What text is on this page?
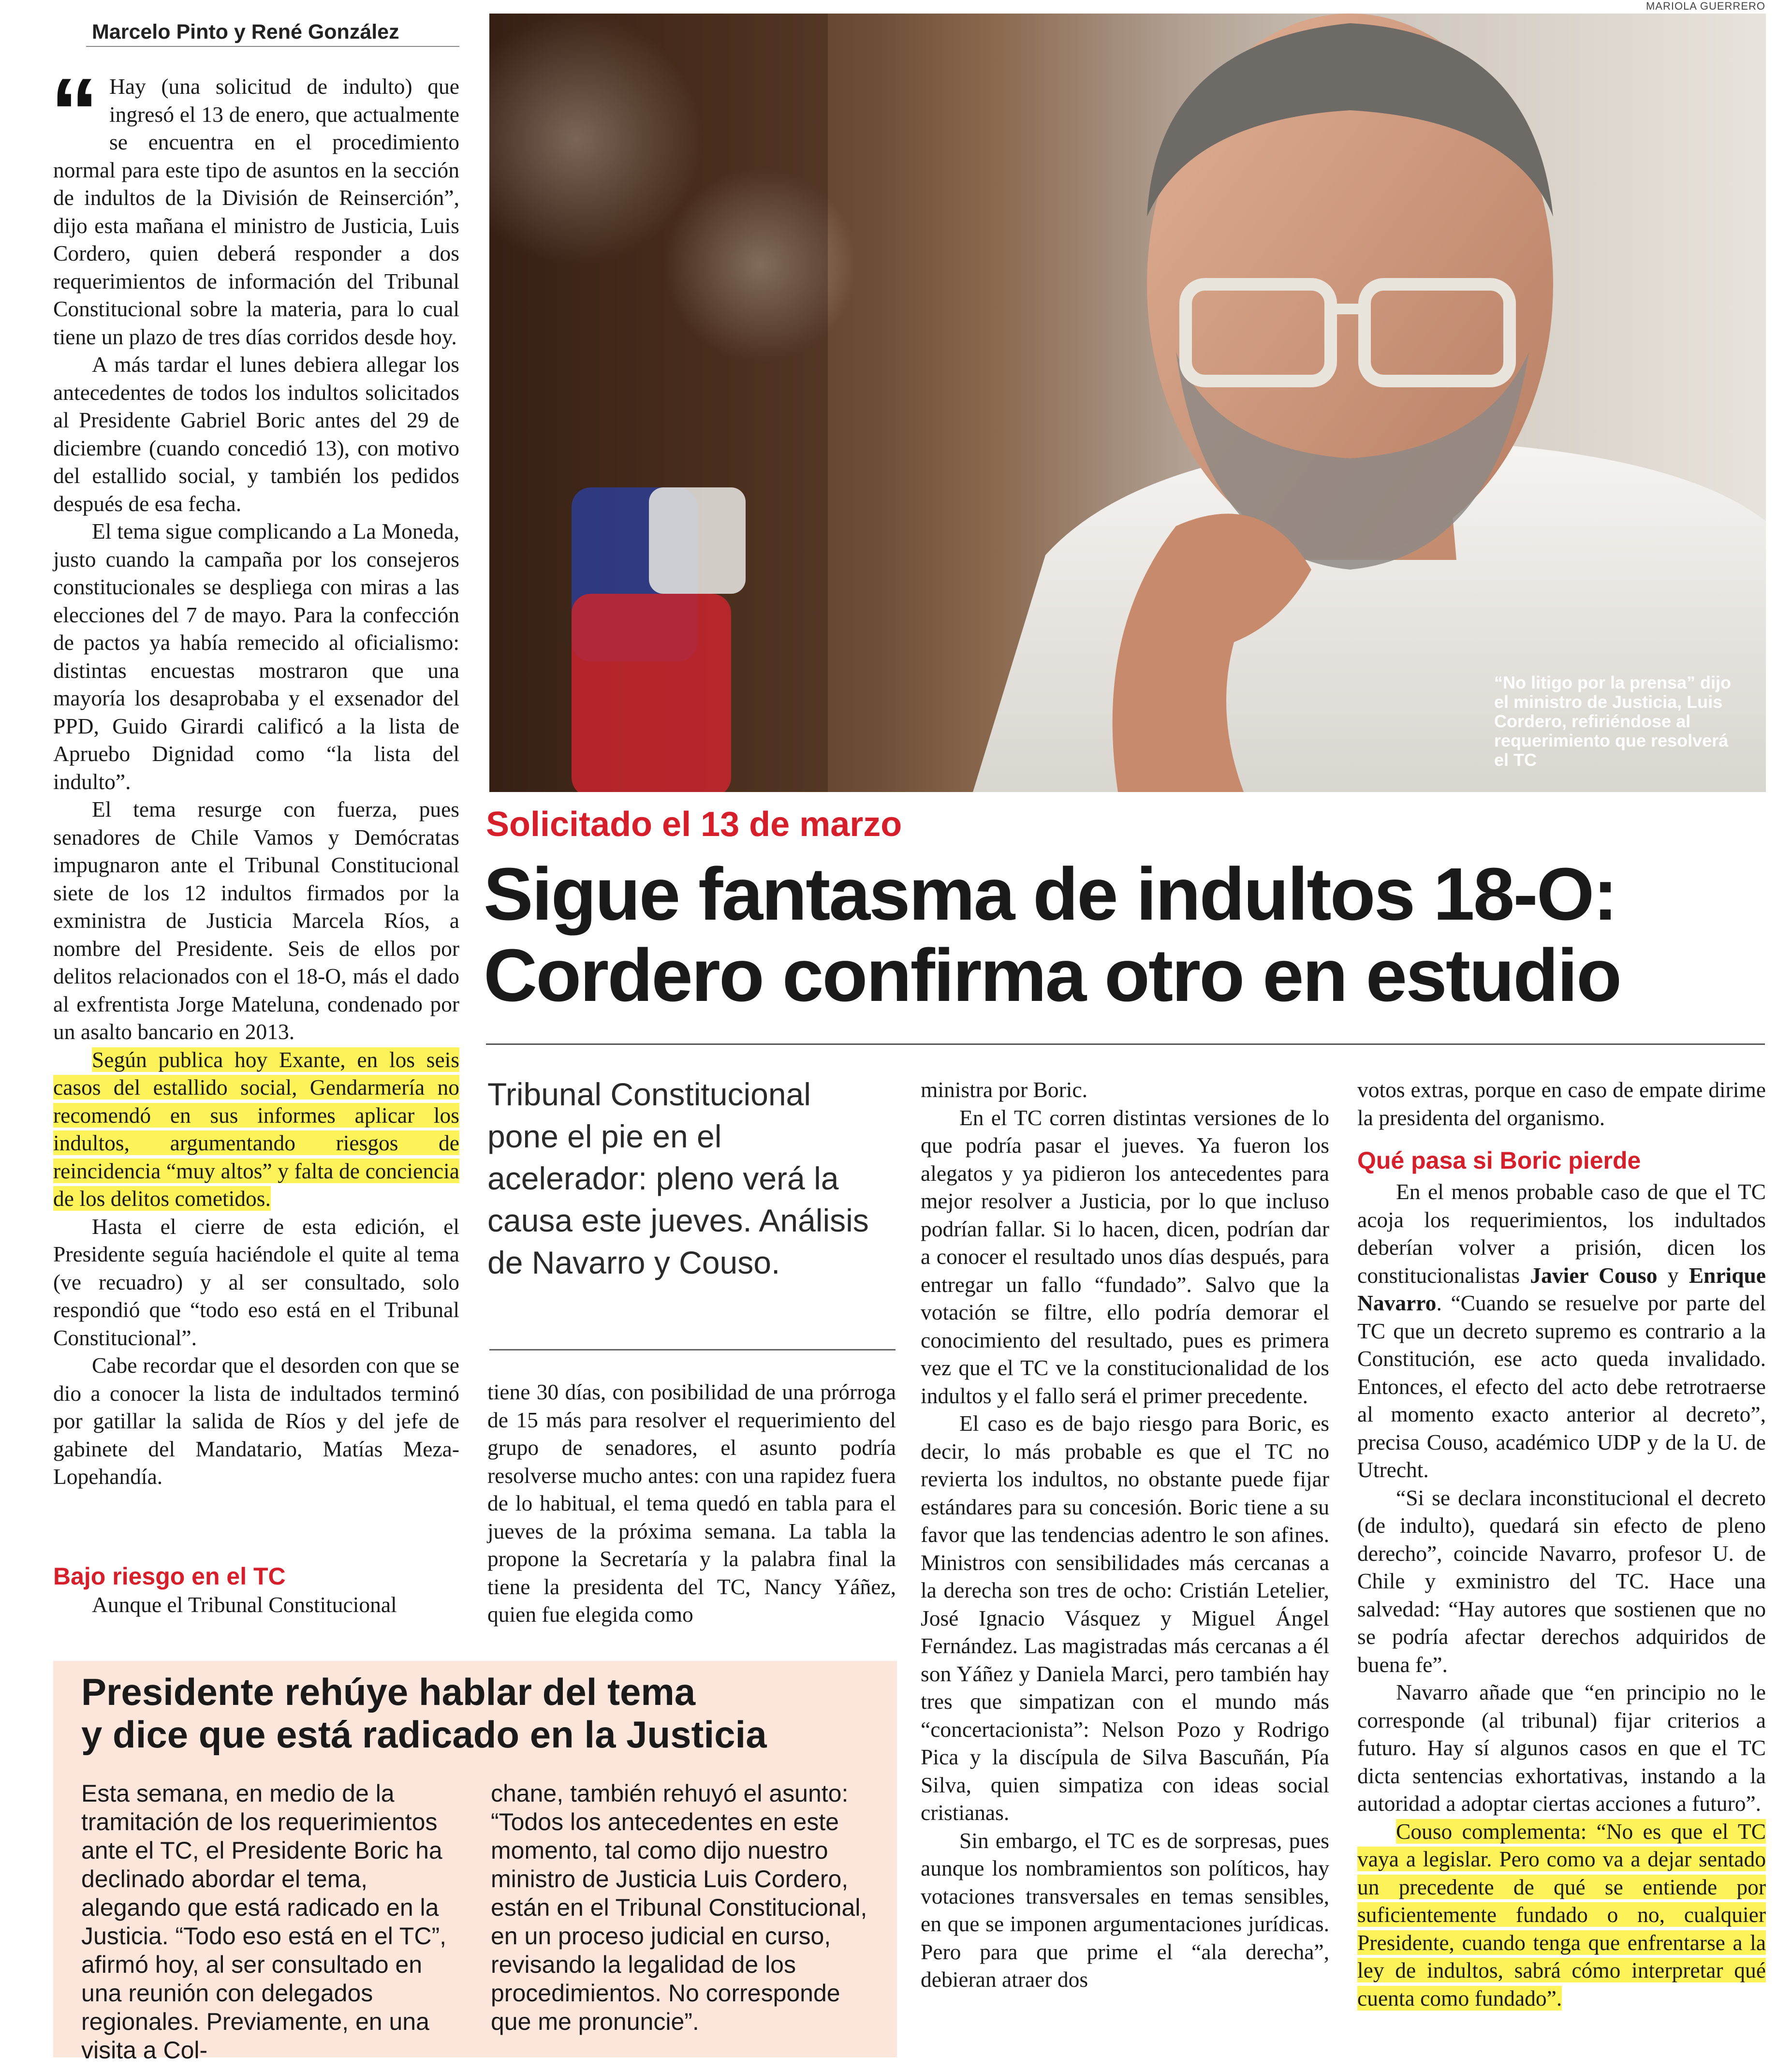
Marcelo Pinto y René González
MARIOLA GUERRERO
“No litigo por la prensa” dijo el ministro de Justicia, Luis Cordero, refiriéndose al requerimiento que resolverá el TC
Solicitado el 13 de marzo
Sigue fantasma de indultos 18-O:
Cordero confirma otro en estudio
Tribunal Constitucional pone el pie en el acelerador: pleno verá la causa este jueves. Análisis de Navarro y Couso.

“ Hay (una solicitud de indulto) que ingresó el 13 de enero, que actualmente se encuentra en el procedimiento normal para este tipo de asuntos en la sección de indultos de la División de Reinserción”, dijo esta mañana el ministro de Justicia, Luis Cordero, quien deberá responder a dos requerimientos de información del Tribunal Constitucional sobre la materia, para lo cual tiene un plazo de tres días corridos desde hoy.

A más tardar el lunes debiera allegar los antecedentes de todos los indultos solicitados al Presidente Gabriel Boric antes del 29 de diciembre (cuando concedió 13), con motivo del estallido social, y también los pedidos después de esa fecha.

El tema sigue complicando a La Moneda, justo cuando la campaña por los consejeros constitucionales se despliega con miras a las elecciones del 7 de mayo. Para la confección de pactos ya había remecido al oficialismo: distintas encuestas mostraron que una mayoría los desaprobaba y el exsenador del PPD, Guido Girardi calificó a la lista de Apruebo Dignidad como “la lista del indulto”.

El tema resurge con fuerza, pues senadores de Chile Vamos y Demócratas impugnaron ante el Tribunal Constitucional siete de los 12 indultos firmados por la exministra de Justicia Marcela Ríos, a nombre del Presidente. Seis de ellos por delitos relacionados con el 18-O, más el dado al exfrentista Jorge Mateluna, condenado por un asalto bancario en 2013.

Según publica hoy Exante, en los seis casos del estallido social, Gendarmería no recomendó en sus informes aplicar los indultos, argumentando riesgos de reincidencia “muy altos” y falta de conciencia de los delitos cometidos.

Hasta el cierre de esta edición, el Presidente seguía haciéndole el quite al tema (ve recuadro) y al ser consultado, solo respondió que “todo eso está en el Tribunal Constitucional”.

Cabe recordar que el desorden con que se dio a conocer la lista de indultados terminó por gatillar la salida de Ríos y del jefe de gabinete del Mandatario, Matías Meza-Lopehandía.

Bajo riesgo en el TC

Aunque el Tribunal Constitucional

tiene 30 días, con posibilidad de una prórroga de 15 más para resolver el requerimiento del grupo de senadores, el asunto podría resolverse mucho antes: con una rapidez fuera de lo habitual, el tema quedó en tabla para el jueves de la próxima semana. La tabla la propone la Secretaría y la palabra final la tiene la presidenta del TC, Nancy Yáñez, quien fue elegida como

ministra por Boric.

En el TC corren distintas versiones de lo que podría pasar el jueves. Ya fueron los alegatos y ya pidieron los antecedentes para mejor resolver a Justicia, por lo que incluso podrían fallar. Si lo hacen, dicen, podrían dar a conocer el resultado unos días después, para entregar un fallo “fundado”. Salvo que la votación se filtre, ello podría demorar el conocimiento del resultado, pues es primera vez que el TC ve la constitucionalidad de los indultos y el fallo será el primer precedente.

El caso es de bajo riesgo para Boric, es decir, lo más probable es que el TC no revierta los indultos, no obstante puede fijar estándares para su concesión. Boric tiene a su favor que las tendencias adentro le son afines. Ministros con sensibilidades más cercanas a la derecha son tres de ocho: Cristián Letelier, José Ignacio Vásquez y Miguel Ángel Fernández. Las magistradas más cercanas a él son Yáñez y Daniela Marci, pero también hay tres que simpatizan con el mundo más “concertacionista”: Nelson Pozo y Rodrigo Pica y la discípula de Silva Bascuñán, Pía Silva, quien simpatiza con ideas social cristianas.

Sin embargo, el TC es de sorpresas, pues aunque los nombramientos son políticos, hay votaciones transversales en temas sensibles, en que se imponen argumentaciones jurídicas. Pero para que prime el “ala derecha”, debieran atraer dos

votos extras, porque en caso de empate dirime la presidenta del organismo.

Qué pasa si Boric pierde

En el menos probable caso de que el TC acoja los requerimientos, los indultados deberían volver a prisión, dicen los constitucionalistas Javier Couso y Enrique Navarro. “Cuando se resuelve por parte del TC que un decreto supremo es contrario a la Constitución, ese acto queda invalidado. Entonces, el efecto del acto debe retrotraerse al momento exacto anterior al decreto”, precisa Couso, académico UDP y de la U. de Utrecht.

“Si se declara inconstitucional el decreto (de indulto), quedará sin efecto de pleno derecho”, coincide Navarro, profesor U. de Chile y exministro del TC. Hace una salvedad: “Hay autores que sostienen que no se podría afectar derechos adquiridos de buena fe”.

Navarro añade que “en principio no le corresponde (al tribunal) fijar criterios a futuro. Hay sí algunos casos en que el TC dicta sentencias exhortativas, instando a la autoridad a adoptar ciertas acciones a futuro”.

Couso complementa: “No es que el TC vaya a legislar. Pero como va a dejar sentado un precedente de qué se entiende por suficientemente fundado o no, cualquier Presidente, cuando tenga que enfrentarse a la ley de indultos, sabrá cómo interpretar qué cuenta como fundado”.

Presidente rehúye hablar del tema
y dice que está radicado en la Justicia
Esta semana, en medio de la tramitación de los requerimientos ante el TC, el Presidente Boric ha declinado abordar el tema, alegando que está radicado en la Justicia. “Todo eso está en el TC”, afirmó hoy, al ser consultado en una reunión con delegados regionales. Previamente, en una visita a Col-
chane, también rehuyó el asunto: “Todos los antecedentes en este momento, tal como dijo nuestro ministro de Justicia Luis Cordero, están en el Tribunal Constitucional, en un proceso judicial en curso, revisando la legalidad de los procedimientos. No corresponde que me pronuncie”.
